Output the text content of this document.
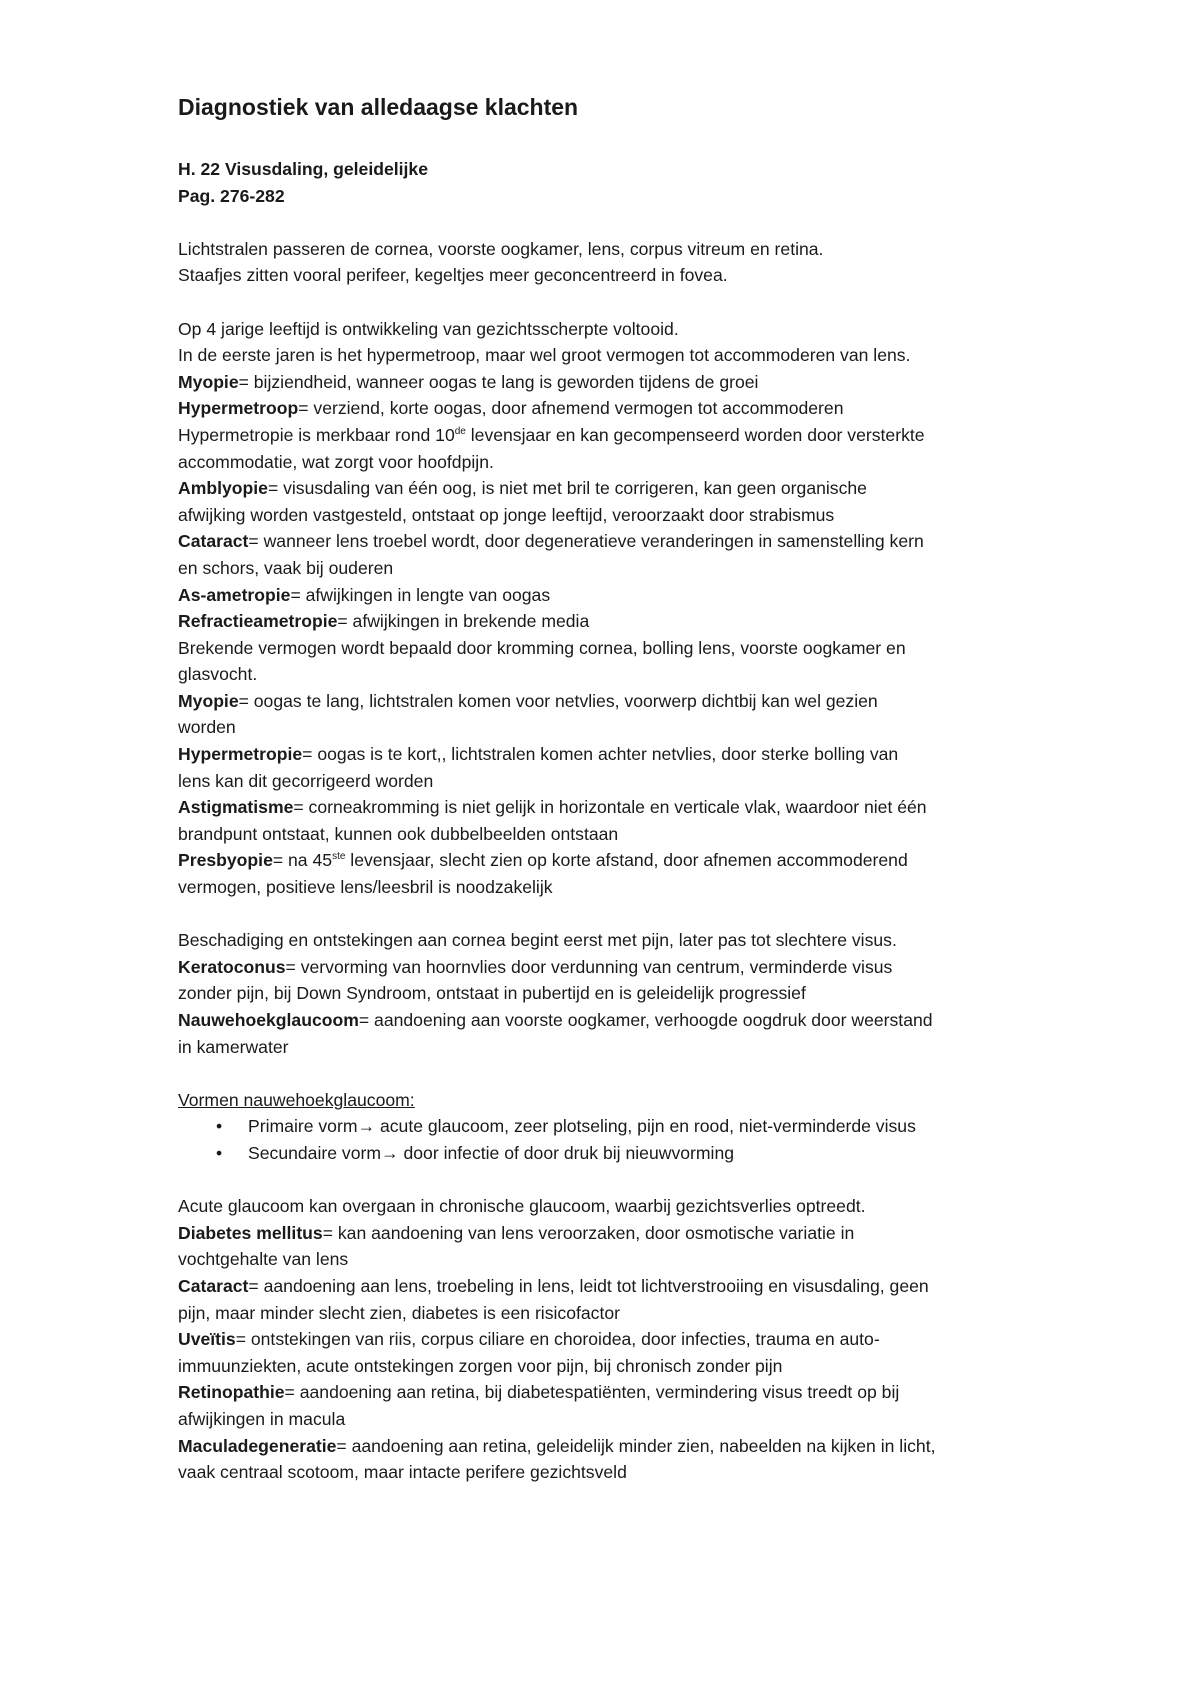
Diagnostiek van alledaagse klachten

H. 22 Visusdaling, geleidelijke

Pag. 276-282

Lichtstralen passeren de cornea, voorste oogkamer, lens, corpus vitreum en retina.

Staafjes zitten vooral perifeer, kegeltjes meer geconcentreerd in fovea.

Op 4 jarige leeftijd is ontwikkeling van gezichtsscherpte voltooid.

In de eerste jaren is het hypermetroop, maar wel groot vermogen tot accommoderen van lens.

Myopie= bijziendheid, wanneer oogas te lang is geworden tijdens de groei

Hypermetroop= verziend, korte oogas, door afnemend vermogen tot accommoderen

Hypermetropie is merkbaar rond 10de levensjaar en kan gecompenseerd worden door versterkte

accommodatie, wat zorgt voor hoofdpijn.

Amblyopie= visusdaling van één oog, is niet met bril te corrigeren, kan geen organische

afwijking worden vastgesteld, ontstaat op jonge leeftijd, veroorzaakt door strabismus

Cataract= wanneer lens troebel wordt, door degeneratieve veranderingen in samenstelling kern

en schors, vaak bij ouderen

As-ametropie= afwijkingen in lengte van oogas

Refractieametropie= afwijkingen in brekende media

Brekende vermogen wordt bepaald door kromming cornea, bolling lens, voorste oogkamer en

glasvocht.

Myopie= oogas te lang, lichtstralen komen voor netvlies, voorwerp dichtbij kan wel gezien

worden

Hypermetropie= oogas is te kort,, lichtstralen komen achter netvlies, door sterke bolling van

lens kan dit gecorrigeerd worden

Astigmatisme= corneakromming is niet gelijk in horizontale en verticale vlak, waardoor niet één

brandpunt ontstaat, kunnen ook dubbelbeelden ontstaan

Presbyopie= na 45ste levensjaar, slecht zien op korte afstand, door afnemen accommoderend

vermogen, positieve lens/leesbril is noodzakelijk

Beschadiging en ontstekingen aan cornea begint eerst met pijn, later pas tot slechtere visus.

Keratoconus= vervorming van hoornvlies door verdunning van centrum, verminderde visus

zonder pijn, bij Down Syndroom, ontstaat in pubertijd en is geleidelijk progressief

Nauwehoekglaucoom= aandoening aan voorste oogkamer, verhoogde oogdruk door weerstand

in kamerwater

Vormen nauwehoekglaucoom:

• Primaire vorm→ acute glaucoom, zeer plotseling, pijn en rood, niet-verminderde visus
• Secundaire vorm→ door infectie of door druk bij nieuwvorming

Acute glaucoom kan overgaan in chronische glaucoom, waarbij gezichtsverlies optreedt.

Diabetes mellitus= kan aandoening van lens veroorzaken, door osmotische variatie in

vochtgehalte van lens

Cataract= aandoening aan lens, troebeling in lens, leidt tot lichtverstrooiing en visusdaling, geen

pijn, maar minder slecht zien, diabetes is een risicofactor

Uveïtis= ontstekingen van riis, corpus ciliare en choroidea, door infecties, trauma en auto-

immuunziekten, acute ontstekingen zorgen voor pijn, bij chronisch zonder pijn

Retinopathie= aandoening aan retina, bij diabetespatiënten, vermindering visus treedt op bij

afwijkingen in macula

Maculadegeneratie= aandoening aan retina, geleidelijk minder zien, nabeelden na kijken in licht,

vaak centraal scotoom, maar intacte perifere gezichtsveld
